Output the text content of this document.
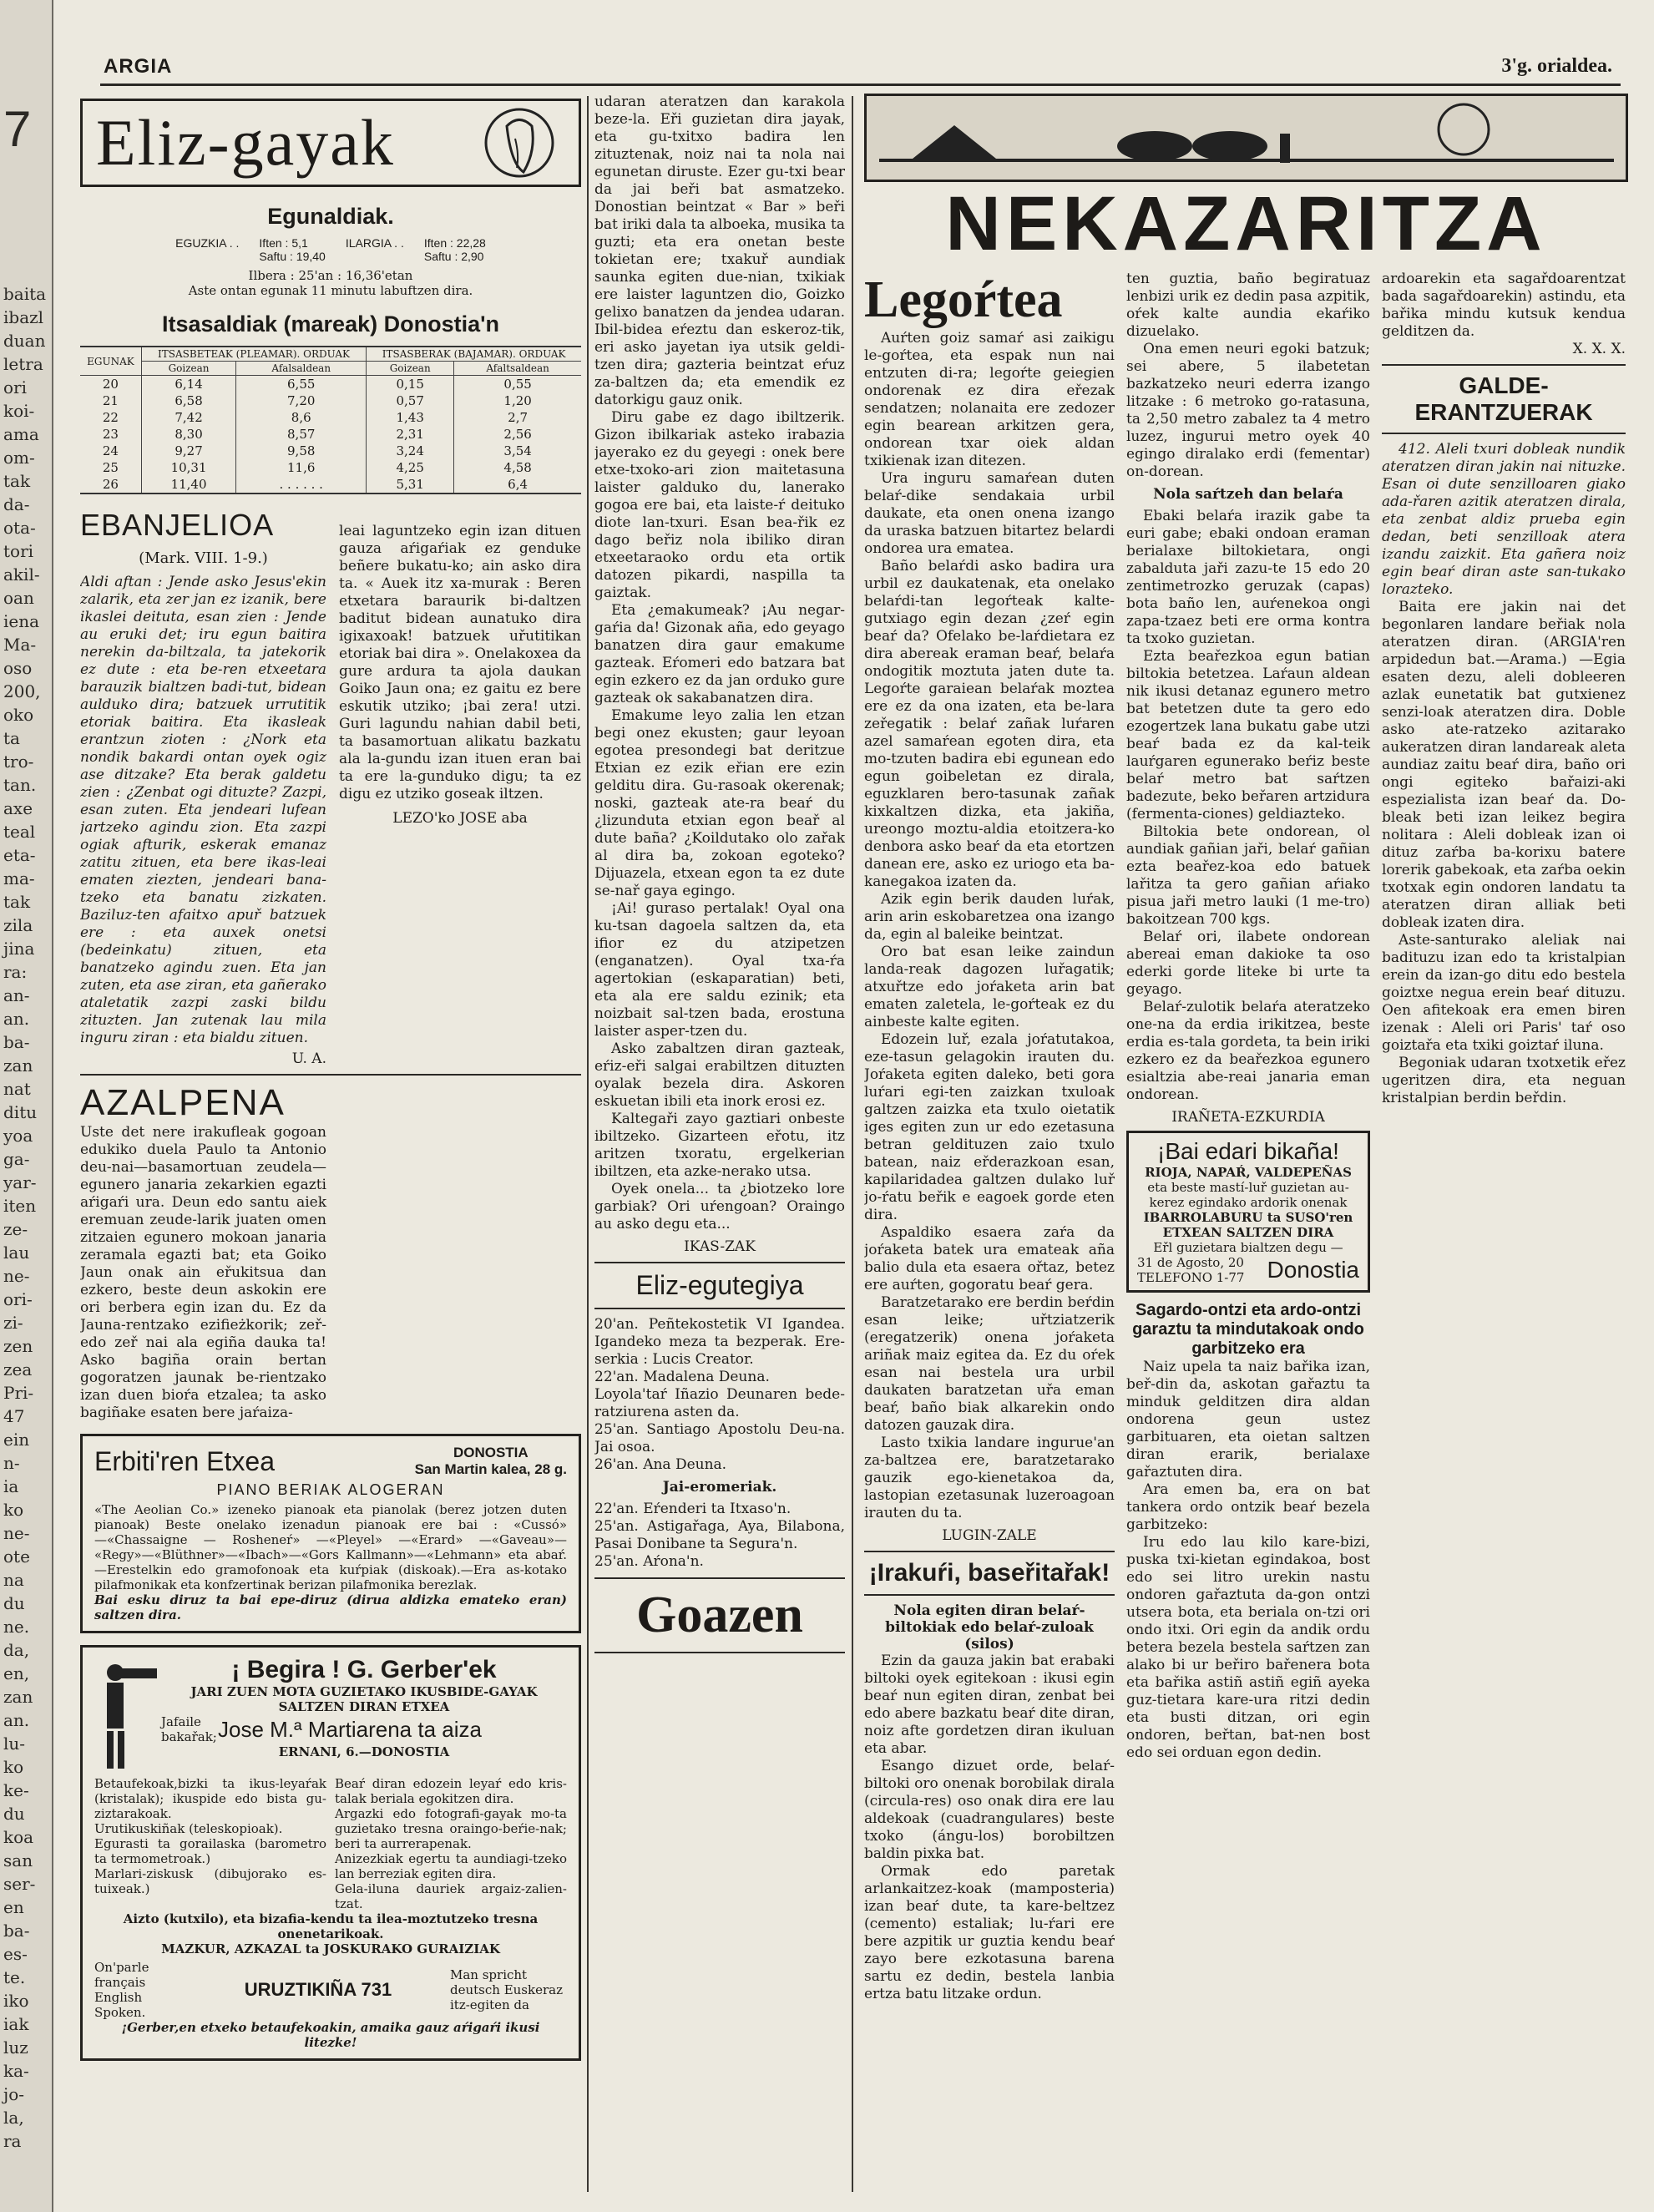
7
baita
ibazl
duan
letra
ori
koi-
ama
om-
tak
da-
ota-
tori
akil-
oan
iena
Ma-
oso
200,
oko
ta
tro-
tan.
axe
teal
eta-
ma-
tak
zila
jina
ra:
an-
an.
ba-
zan
nat
ditu
yoa
ga-
yar-
iten
ze-
lau
ne-
ori-
zi-
zen
zea
Pri-
47
ein
n-
ia
ko
ne-
ote
na
du
ne.
da,
en,
zan
an.
lu-
ko
ke-
du
koa
san
ser-
en
ba-
es-
te.
iko
iak
luz
ka-
jo-
la,
ra
ARGIA	3'g. orialdea.
Eliz-gayak
Egunaldiak.
EGUZKIA . . Iften : 5,1
Saftu : 19,40
ILARGIA . . Iften : 22,28
Saftu : 2,90
Ilbera : 25'an : 16,36'etan
Aste ontan egunak 11 minutu labuftzen dira.
Itsasaldiak (mareak) Donostia'n
EGUNAK	ITSASBETEAK (PLEAMAR). ORDUAK		ITSASBERAK (BAJAMAR). ORDUAK	
	Goizean	Afalsaldean	Goizean	Afaltsaldean
20	6,14	6,55	0,15	0,55
21	6,58	7,20	0,57	1,20
22	7,42	8,6	1,43	2,7
23	8,30	8,57	2,31	2,56
24	9,27	9,58	3,24	3,54
25	10,31	11,6	4,25	4,58
26	11,40	. . . . . .	5,31	6,4
EBANJELIOA
(Mark. VIII. 1-9.)

Aldi aftan : Jende asko Jesus'ekin zalarik, eta zer jan ez izanik, bere ikaslei deituta, esan zien : Jende au eruki det; iru egun baitira nerekin da-biltzala, ta jatekorik ez dute : eta be-ren etxeetara barauzik bialtzen badi-tut, bidean aulduko dira; batzuek urrutitik etoriak baitira. Eta ikasleak erantzun zioten : ¿Nork eta nondik bakardi ontan oyek ogiz ase ditzake? Eta berak galdetu zien : ¿Zenbat ogi dituzte? Zazpi, esan zuten. Eta jendeari lufean jartzeko agindu zion. Eta zazpi ogiak afturik, eskerak emanaz zatitu zituen, eta bere ikas-leai ematen ziezten, jendeari bana-tzeko eta banatu zizkaten. Baziluz-ten afaitxo apuř batzuek ere : eta auxek onetsi (bedeinkatu) zituen, eta banatzeko agindu zuen. Eta jan zuten, eta ase ziran, eta gañerako ataletatik zazpi zaski bildu zituzten. Jan zutenak lau mila inguru ziran : eta bialdu zituen.

U. A.

leai laguntzeko egin izan dituen gauza aŕigaŕiak ez genduke beñere bukatu-ko; ain asko dira ta. « Auek itz xa-murak : Beren etxetara baraurik bi-daltzen baditut bidean aunatuko dira igixaxoak! batzuek uřutitikan etoriak bai dira ». Onelakoxea da gure ardura ta ajola daukan Goiko Jaun ona; ez gaitu ez bere eskutik utziko; ¡bai zera! utzi. Guri lagundu nahian dabil beti, ta basamortuan alikatu bazkatu ala la-gundu izan ituen eran bai ta ere la-gunduko digu; ta ez digu ez utziko goseak iltzen.

LEZO'ko JOSE aba
AZALPENA

Uste det nere irakufleak gogoan edukiko duela Paulo ta Antonio deu-nai—basamortuan zeudela—egunero janaria zekarkien egazti aŕigaŕi ura. Deun edo santu aiek eremuan zeude-larik juaten omen zitzaien egunero mokoan janaria zeramala egazti bat; eta Goiko Jaun onak ain eřukitsua dan ezkero, beste deun askokin ere ori berbera egin izan du. Ez da Jauna-rentzako ezifieżkorik; zeř-edo zeř nai ala egiña dauka ta! Asko bagiña orain bertan gogoratzen jaunak be-rientzako izan duen bioŕa etzalea; ta asko bagiñake esaten bere jaŕaiza-

Erbiti'ren Etxea	DONOSTIA
San Martin kalea, 28 g.
PIANO BERIAK ALOGERAN

«The Aeolian Co.» izeneko pianoak eta pianolak (berez jotzen duten pianoak) Beste onelako izenadun pianoak ere bai : «Cussó» —«Chassaigne — Rosheneŕ» —«Pleyel» —«Erard» —«Gaveau»— «Regy»—«Blüthner»—«Ibach»—«Gors Kallmann»—«Lehmann» eta abaŕ.—Erestelkin edo gramofonoak eta kuŕpiak (diskoak).—Era as-kotako pilafmonikak eta konfzertinak berizan pilafmonika berezlak.

Bai esku diruz ta bai epe-diruz (dirua aldizka emateko eran) saltzen dira.

¡ Begira ! G. Gerber'ek
JARI ZUEN MOTA GUZIETAKO IKUSBIDE-GAYAK
SALTZEN DIRAN ETXEA
Jafaile bakařak; Jose M.ª Martiarena ta aiza
ERNANI, 6.—DONOSTIA

Betaufekoak,bizki ta ikus-leyaŕak (kristalak); ikuspide edo bista gu-ziztarakoak.

Urutikuskiñak (teleskopioak).

Egurasti ta gorailaska (barometro ta termometroak.)

Marlari-ziskusk (dibujorako es-tuixeak.)

Beaŕ diran edozein leyaŕ edo kris-talak beriala egokitzen dira.

Argazki edo fotografi-gayak mo-ta guzietako tresna oraingo-beŕie-nak; beri ta aurrerapenak.

Anizezkiak egertu ta aundiagi-tzeko lan berreziak egiten dira.

Gela-iluna dauriek argaiz-zalien-tzat.

Aizto (kutxilo), eta bizafia-kendu ta ilea-moztutzeko tresna onenetarikoak.
MAZKUR, AZKAZAL ta JOSKURAKO GURAIZIAK
On'parle français English Spoken.
URUZTIKIÑA 731
Man spricht deutsch Euskeraz itz-egiten da
¡Gerber,en etxeko betaufekoakin, amaika gauz aŕigaŕi ikusi litezke!

udaran ateratzen dan karakola beze-la. Eři guzietan dira jayak, eta gu-txitxo badira len zituztenak, noiz nai ta nola nai egunetan diruste. Ezer gu-txi bear da jai beři bat asmatzeko. Donostian beintzat « Bar » beři bat iriki dala ta alboeka, musika ta guzti; eta era onetan beste tokietan ere; txakuř aundiak saunka egiten due-nian, txikiak ere laister laguntzen dio, Goizko gelixo banatzen da jendea udaran. Ibil-bidea eŕeztu dan eskeroz-tik, eri asko jayetan iya utsik geldi-tzen dira; gazteria beintzat eŕuz za-baltzen da; eta emendik ez datorkigu gauz onik.

Diru gabe ez dago ibiltzerik. Gizon ibilkariak asteko irabazia jayerako ez du geyegi : onek bere etxe-txoko-ari zion maitetasuna laister galduko du, lanerako gogoa ere bai, eta laiste-ŕ deituko diote lan-txuri. Esan bea-řik ez dago beřiz nola ibiliko diran etxeetaraoko ordu eta ortik datozen pikardi, naspilla ta gaiztak.

Eta ¿emakumeak? ¡Au negar-gaŕia da! Gizonak aña, edo geyago banatzen dira gaur emakume gazteak. Eŕomeri edo batzara bat egin ezkero ez da jan orduko gure gazteak ok sakabanatzen dira.

Emakume leyo zalia len etzan begi onez ekusten; gaur leyoan egotea presondegi bat deritzue Etxian ez ezik eřian ere ezin gelditu dira. Gu-rasoak okerenak; noski, gazteak ate-ra beaŕ du ¿lizunduta etxian egon beař al dute baña? ¿Koildutako olo zařak al dira ba, zokoan egoteko? Dijuazela, etxean egon ta ez dute se-nař gaya egingo.

¡Ai! guraso pertalak! Oyal ona ku-tsan dagoela saltzen da, eta ifior ez du atzipetzen (enganatzen). Oyal txa-ŕa agertokian (eskaparatian) beti, eta ala ere saldu ezinik; eta noizbait sal-tzen bada, erostuna laister asper-tzen du.

Asko zabaltzen diran gazteak, eŕiz-eři salgai erabiltzen dituzten oyalak bezela dira. Askoren eskuetan ibili eta inork erosi ez.

Kaltegaři zayo gaztiari onbeste ibiltzeko. Gizarteen eřotu, itz aritzen txoratu, ergelkerian ibiltzen, eta azke-nerako utsa.

Oyek onela... ta ¿biotzeko lore garbiak? Ori uŕengoan? Oraingo au asko degu eta...

IKAS-ZAK
Eliz-egutegiya

20'an. Peñtekostetik VI Igandea. Igandeko meza ta bezperak. Ere-serkia : Lucis Creator.

22'an. Madalena Deuna.

Loyola'taŕ Iñazio Deunaren bede-ratziurena asten da.

25'an. Santiago Apostolu Deu-na. Jai osoa.

26'an. Ana Deuna.

Jai-eromeriak.

22'an. Eŕenderi ta Itxaso'n.

25'an. Astigařaga, Aya, Bilabona, Pasai Donibane ta Segura'n.

25'an. Aŕona'n.

Goazen
NEKAZARITZA
Legoŕtea

Auŕten goiz samaŕ asi zaikigu le-goŕtea, eta espak nun nai entzuten di-ra; legoŕte geiegien ondorenak ez dira eřezak sendatzen; nolanaita ere zedozer egin bearean arkitzen gera, ondorean txar oiek aldan txikienak izan ditezen.

Ura inguru samaŕean duten belaŕ-dike sendakaia urbil daukate, eta onen onena izango da uraska batzuen bitartez belardi ondorea ura ematea.

Baño belaŕdi asko badira ura urbil ez daukatenak, eta onelako belaŕdi-tan legoŕteak kalte-gutxiago egin dezan ¿zeŕ egin beaŕ da? Ofelako be-laŕdietara ez dira abereak eraman beaŕ, belaŕa ondogitik moztuta jaten dute ta. Legoŕte garaiean belaŕak moztea ere ez da ona izaten, eta be-lara zeřegatik : belaŕ zañak luŕaren azel samaŕean egoten dira, eta mo-tzuten badira ebi egunean edo egun goibeletan ez dirala, eguzklaren bero-tasunak zañak kixkaltzen dizka, eta jakiña, ureongo moztu-aldia etoitzera-ko denbora asko beaŕ da eta etortzen danean ere, asko ez uriogo eta ba-kanegakoa izaten da.

Azik egin berik dauden luŕak, arin arin eskobaretzea ona izango da, egin al baleike beintzat.

Oro bat esan leike zaindun landa-reak dagozen luřagatik; atxuřtze edo joŕaketa arin bat ematen zaletela, le-goŕteak ez du ainbeste kalte egiten.

Edozein luř, ezala joŕatutakoa, eze-tasun gelagokin irauten du. Joŕaketa egiten daleko, beti gora luŕari egi-ten zaizkan txuloak galtzen zaizka eta txulo oietatik iges egiten zun ur edo ezetasuna betran geldituzen zaio txulo batean, naiz eřderazkoan esan, kapilaridadea galtzen dulako luř jo-ŕatu beřik e eagoek gorde eten dira.

Aspaldiko esaera zaŕa da joŕaketa batek ura emateak aña balio dula eta esaera ořtaz, betez ere auŕten, gogoratu beaŕ gera.

Baratzetarako ere berdin beŕdin esan leike; uřtziatzerik (eregatzerik) onena joŕaketa ariñak maiz egitea da. Ez du oŕek esan nai bestela ura urbil daukaten baratzetan uřa eman beaŕ, baño biak alkarekin ondo datozen gauzak dira.

Lasto txikia landare ingurue'an za-baltzea ere, baratzetarako gauzik ego-kienetakoa da, lastopian ezetasunak luzeroagoan irauten du ta.

LUGIN-ZALE
¡Irakuŕi, baseřitařak!
Nola egiten diran belaŕ-biltokiak edo belaŕ-zuloak (silos)

Ezin da gauza jakin bat erabaki biltoki oyek egitekoan : ikusi egin beaŕ nun egiten diran, zenbat bei edo abere bazkatu beaŕ dite diran, noiz afte gordetzen diran ikuluan eta abar.

Esango dizuet orde, belaŕ-biltoki oro onenak borobilak dirala (circula-res) oso onak dira ere lau aldekoak (cuadrangulares) beste txoko (ángu-los) borobiltzen baldin pixka bat.

Ormak edo paretak arlankaitzez-koak (mamposteria) izan beaŕ dute, ta kare-beltzez (cemento) estaliak; lu-ŕari ere bere azpitik ur guztia kendu beaŕ zayo bere ezkotasuna barena sartu ez dedin, bestela lanbia ertza batu litzake ordun.

ten guztia, baño begiratuaz lenbizi urik ez dedin pasa azpitik, oŕek kalte aundia ekaŕiko dizuelako.

Ona emen neuri egoki batzuk; sei abere, 5 ilabetetan bazkatzeko neuri ederra izango litzake : 6 metroko go-ratasuna, ta 2,50 metro zabalez ta 4 metro luzez, ingurui metro oyek 40 egingo diralako erdi (fementar) on-dorean.

Nola saŕtzeh dan belaŕa

Ebaki belaŕa irazik gabe ta euri gabe; ebaki ondoan eraman berialaxe biltokietara, ongi zabalduta jaři zazu-te 15 edo 20 zentimetrozko geruzak (capas) bota baño len, auŕenekoa ongi zapa-tzaez beti ere orma kontra ta txoko guzietan.

Ezta beařezkoa egun batian biltokia betetzea. Laŕaun aldean nik ikusi detanaz egunero metro bat betetzen dute ta gero edo ezogertzek lana bukatu gabe utzi beaŕ bada ez da kal-teik lauŕgaren egunerako beŕiz beste belaŕ metro bat saŕtzen badezute, beko beřaren artzidura (fermenta-ciones) geldiazteko.

Biltokia bete ondorean, ol aundiak gañian jaři, belaŕ gañian ezta beařez-koa edo batuek lařitza ta gero gañian aŕiako pisua jaři metro lauki (1 me-tro) bakoitzean 700 kgs.

Belaŕ ori, ilabete ondorean abereai eman dakioke ta oso ederki gorde liteke bi urte ta geyago.

Belaŕ-zulotik belaŕa ateratzeko one-na da erdia irikitzea, beste erdia es-tala gordeta, ta bein iriki ezkero ez da beařezkoa egunero esialtzia abe-reai janaria eman ondorean.

IRAÑETA-EZKURDIA
¡Bai edari bikaña!
RIOJA, NAPAŔ, VALDEPEÑAS
eta beste mastí-luř guzietan au-kerez egindako ardorik onenak
IBARROLABURU ta SUSO'ren
ETXEAN SALTZEN DIRA
Eřl guzietara bialtzen degu —
31 de Agosto, 20
TELEFONO 1-77 Donostia
Sagardo-ontzi eta ardo-ontzi garaztu ta mindutakoak ondo garbitzeko era

Naiz upela ta naiz bařika izan, beř-din da, askotan gařaztu ta minduk gelditzen dira aldan ondorena geun ustez garbituaren, eta oietan saltzen diran erarik, berialaxe gařaztuten dira.

Ara emen ba, era on bat tankera ordo ontzik beaŕ bezela garbitzeko:

Iru edo lau kilo kare-bizi, puska txi-kietan egindakoa, bost edo sei litro urekin nastu ondoren gařaztuta da-gon ontzi utsera bota, eta beriala on-tzi ori ondo itxi. Ori egin da andik ordu betera bezela bestela saŕtzen zan alako bi ur beřiro bařenera bota eta bařika astiñ astiñ egiñ ayeka guz-tietara kare-ura ritzi dedin eta busti ditzan, ori egin ondoren, beřtan, bat-nen bost edo sei orduan egon dedin.

ardoarekin eta sagařdoarentzat bada sagařdoarekin) astindu, eta bařika mindu kutsuk kendua gelditzen da.

X. X. X.
GALDE-ERANTZUERAK

412. Aleli txuri dobleak nundik ateratzen diran jakin nai nituzke. Esan oi dute senzilloaren giako ada-řaren azitik ateratzen dirala, eta zenbat aldiz prueba egin dedan, beti senzilloak atera izandu zaizkit. Eta gañera noiz egin beaŕ diran aste san-tukako lorazteko.

Baita ere jakin nai det begonlaren landare beřiak nola ateratzen diran. (ARGIA'ren arpidedun bat.—Arama.) —Egia esaten dezu, aleli dobleeren azlak eunetatik bat gutxienez senzi-loak ateratzen dira. Doble asko ate-ratzeko azitarako aukeratzen diran landareak aleta aundiaz zaitu beaŕ dira, baño ori ongi egiteko bařaizi-aki espezialista izan beaŕ da. Do-bleak beti izan leikez begira nolitara : Aleli dobleak izan oi dituz zaŕba ba-korixu batere lorerik gabekoak, eta zaŕba oekin txotxak egin ondoren landatu ta ateratzen diran alliak beti dobleak izaten dira.

Aste-santurako aleliak nai badituzu izan edo ta kristalpian erein da izan-go ditu edo bestela goiztxe negua erein beaŕ dituzu. Oen afitekoak era emen biren izenak : Aleli ori Paris' taŕ oso goiztařa eta txiki goiztaŕ iluna.

Begoniak udaran txotxetik eřez ugeritzen dira, eta neguan kristalpian berdin beřdin.
